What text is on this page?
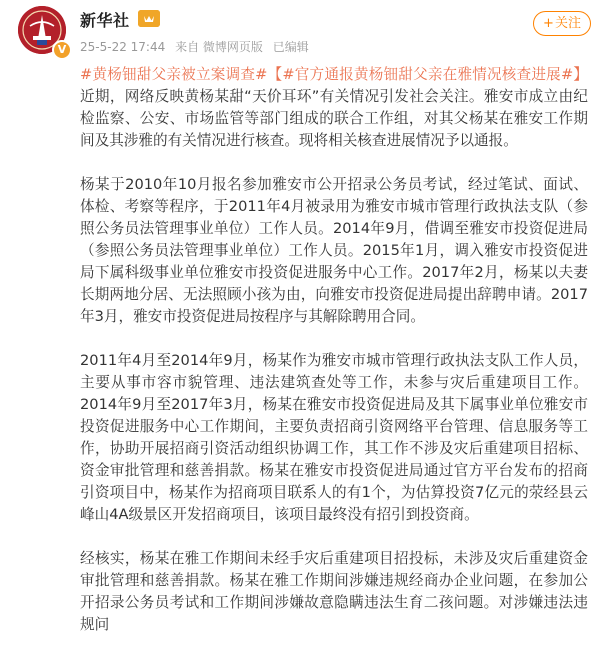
V
新华社
25-5-22 17:44 来自 微博网页版 已编辑
+关注

#黄杨钿甜父亲被立案调查#【#官方通报黄杨钿甜父亲在雅情况核查进展#】近期，网络反映黄杨某甜“天价耳环”有关情况引发社会关注。雅安市成立由纪检监察、公安、市场监管等部门组成的联合工作组，对其父杨某在雅安工作期间及其涉雅的有关情况进行核查。现将相关核查进展情况予以通报。

杨某于2010年10月报名参加雅安市公开招录公务员考试，经过笔试、面试、体检、考察等程序，于2011年4月被录用为雅安市城市管理行政执法支队（参照公务员法管理事业单位）工作人员。2014年9月，借调至雅安市投资促进局（参照公务员法管理事业单位）工作人员。2015年1月，调入雅安市投资促进局下属科级事业单位雅安市投资促进服务中心工作。2017年2月，杨某以夫妻长期两地分居、无法照顾小孩为由，向雅安市投资促进局提出辞聘申请。2017年3月，雅安市投资促进局按程序与其解除聘用合同。

2011年4月至2014年9月，杨某作为雅安市城市管理行政执法支队工作人员，主要从事市容市貌管理、违法建筑查处等工作，未参与灾后重建项目工作。2014年9月至2017年3月，杨某在雅安市投资促进局及其下属事业单位雅安市投资促进服务中心工作期间，主要负责招商引资网络平台管理、信息服务等工作，协助开展招商引资活动组织协调工作，其工作不涉及灾后重建项目招标、资金审批管理和慈善捐款。杨某在雅安市投资促进局通过官方平台发布的招商引资项目中，杨某作为招商项目联系人的有1个，为估算投资7亿元的荥经县云峰山4A级景区开发招商项目，该项目最终没有招引到投资商。

经核实，杨某在雅工作期间未经手灾后重建项目招投标，未涉及灾后重建资金审批管理和慈善捐款。杨某在雅工作期间涉嫌违规经商办企业问题，在参加公开招录公务员考试和工作期间涉嫌故意隐瞒违法生育二孩问题。对涉嫌违法违规问
